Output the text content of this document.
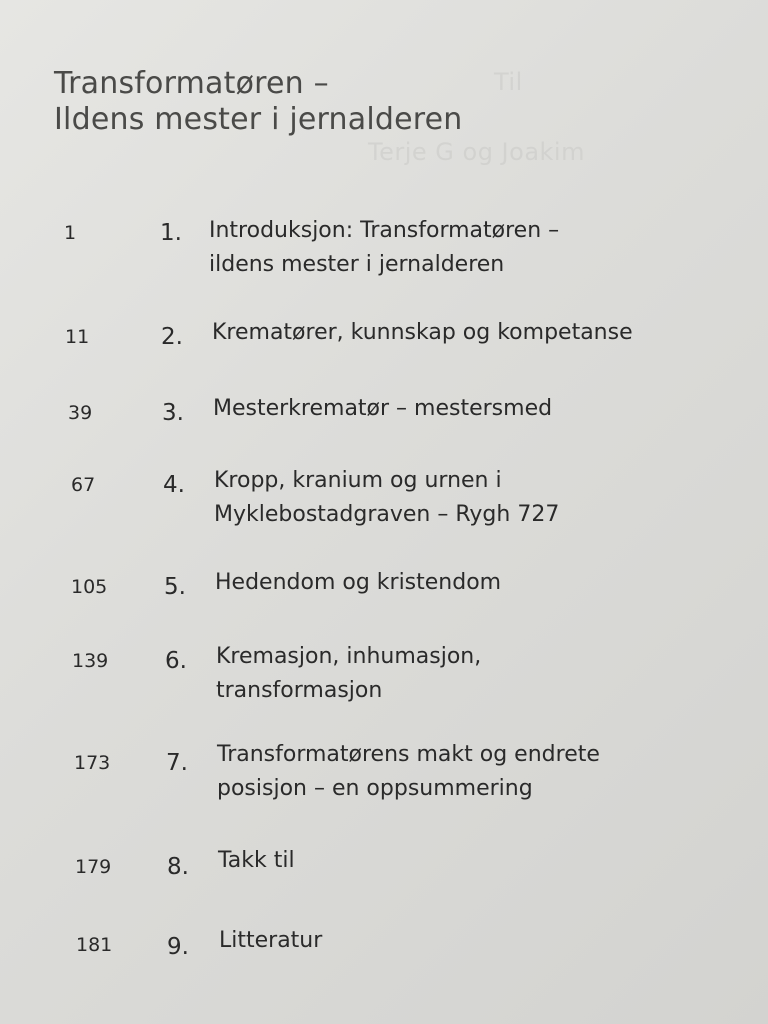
Transformatøren –
Ildens mester i jernalderen
Til
Terje G og Joakim
1	1. Introduksjon: Transformatøren –
ildens mester i jernalderen
11	2. Krematører, kunnskap og kompetanse
39	3. Mesterkrematør – mestersmed
67	4. Kropp, kranium og urnen i
Myklebostadgraven – Rygh 727
105 5. Hedendom og kristendom
139 6. Kremasjon, inhumasjon,
transformasjon
173 7. Transformatørens makt og endrete
posisjon – en oppsummering
179 8. Takk til
181 9. Litteratur
